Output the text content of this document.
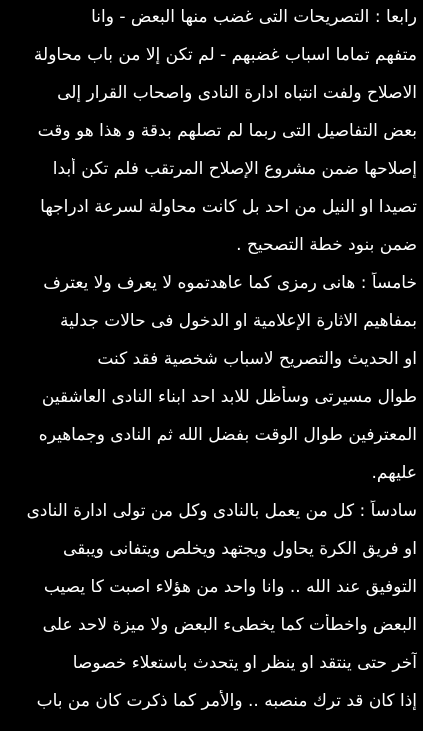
رابعا : التصريحات التى غضب منها البعض - وانا
متفهم تماما اسباب غضبهم - لم تكن إلا من باب محاولة
الاصلاح ولفت انتباه ادارة النادى واصحاب القرار إلى
بعض التفاصيل التى ربما لم تصلهم بدقة و هذا هو وقت
إصلاحها ضمن مشروع الإصلاح المرتقب فلم تكن أبدا
تصيدا او النيل من احد بل كانت محاولة لسرعة ادراجها
ضمن بنود خطة التصحيح .
خامساً : هانى رمزى كما عاهدتموه لا يعرف ولا يعترف
بمفاهيم الاثارة الإعلامية او الدخول فى حالات جدلية
او الحديث والتصريح لاسباب شخصية فقد كنت
طوال مسيرتى وسأظل للابد احد ابناء النادى العاشقين
المعترفين طوال الوقت بفضل الله ثم النادى وجماهيره
عليهم.
سادساً : كل من يعمل بالنادى وكل من تولى ادارة النادى
او فريق الكرة يحاول ويجتهد ويخلص ويتفانى ويبقى
التوفيق عند الله .. وانا واحد من هؤلاء اصبت كا يصيب
البعض واخطأت كما يخطىء البعض ولا ميزة لاحد على
آخر حتى ينتقد او ينظر او يتحدث باستعلاء خصوصا
إذا كان قد ترك منصبه .. والأمر كما ذكرت كان من باب
